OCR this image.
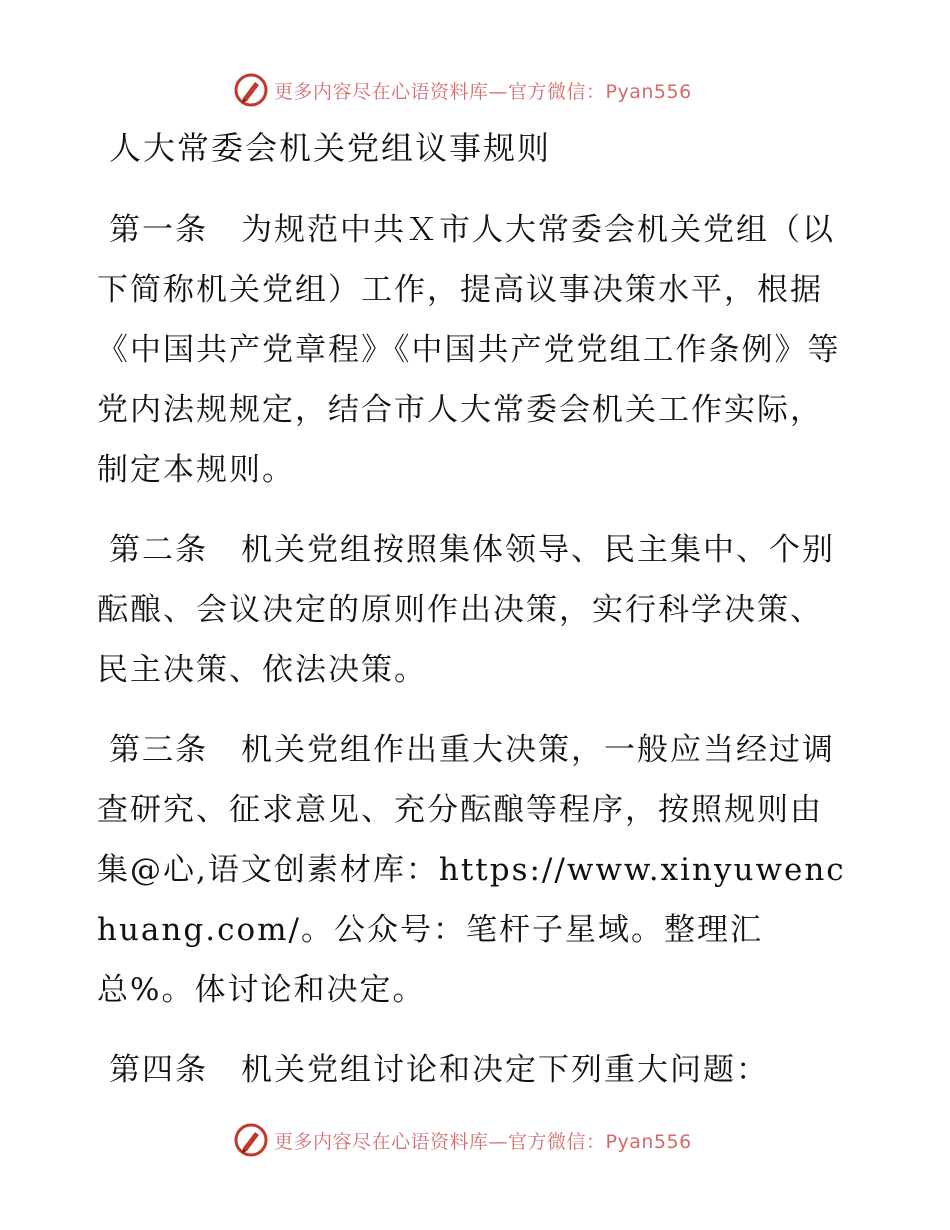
更多内容尽在心语资料库—官方微信：Pyan556
人大常委会机关党组议事规则

第一条　为规范中共Ｘ市人大常委会机关党组（以下简称机关党组）工作，提高议事决策水平，根据《中国共产党章程》《中国共产党党组工作条例》等党内法规规定，结合市人大常委会机关工作实际，制定本规则。

第二条　机关党组按照集体领导、民主集中、个别酝酿、会议决定的原则作出决策，实行科学决策、民主决策、依法决策。

第三条　机关党组作出重大决策，一般应当经过调查研究、征求意见、充分酝酿等程序，按照规则由集@心,语文创素材库：https://www.xinyuwenchuang.com/。公众号：笔杆子星域。整理汇总%。体讨论和决定。

第四条　机关党组讨论和决定下列重大问题：

更多内容尽在心语资料库—官方微信：Pyan556
